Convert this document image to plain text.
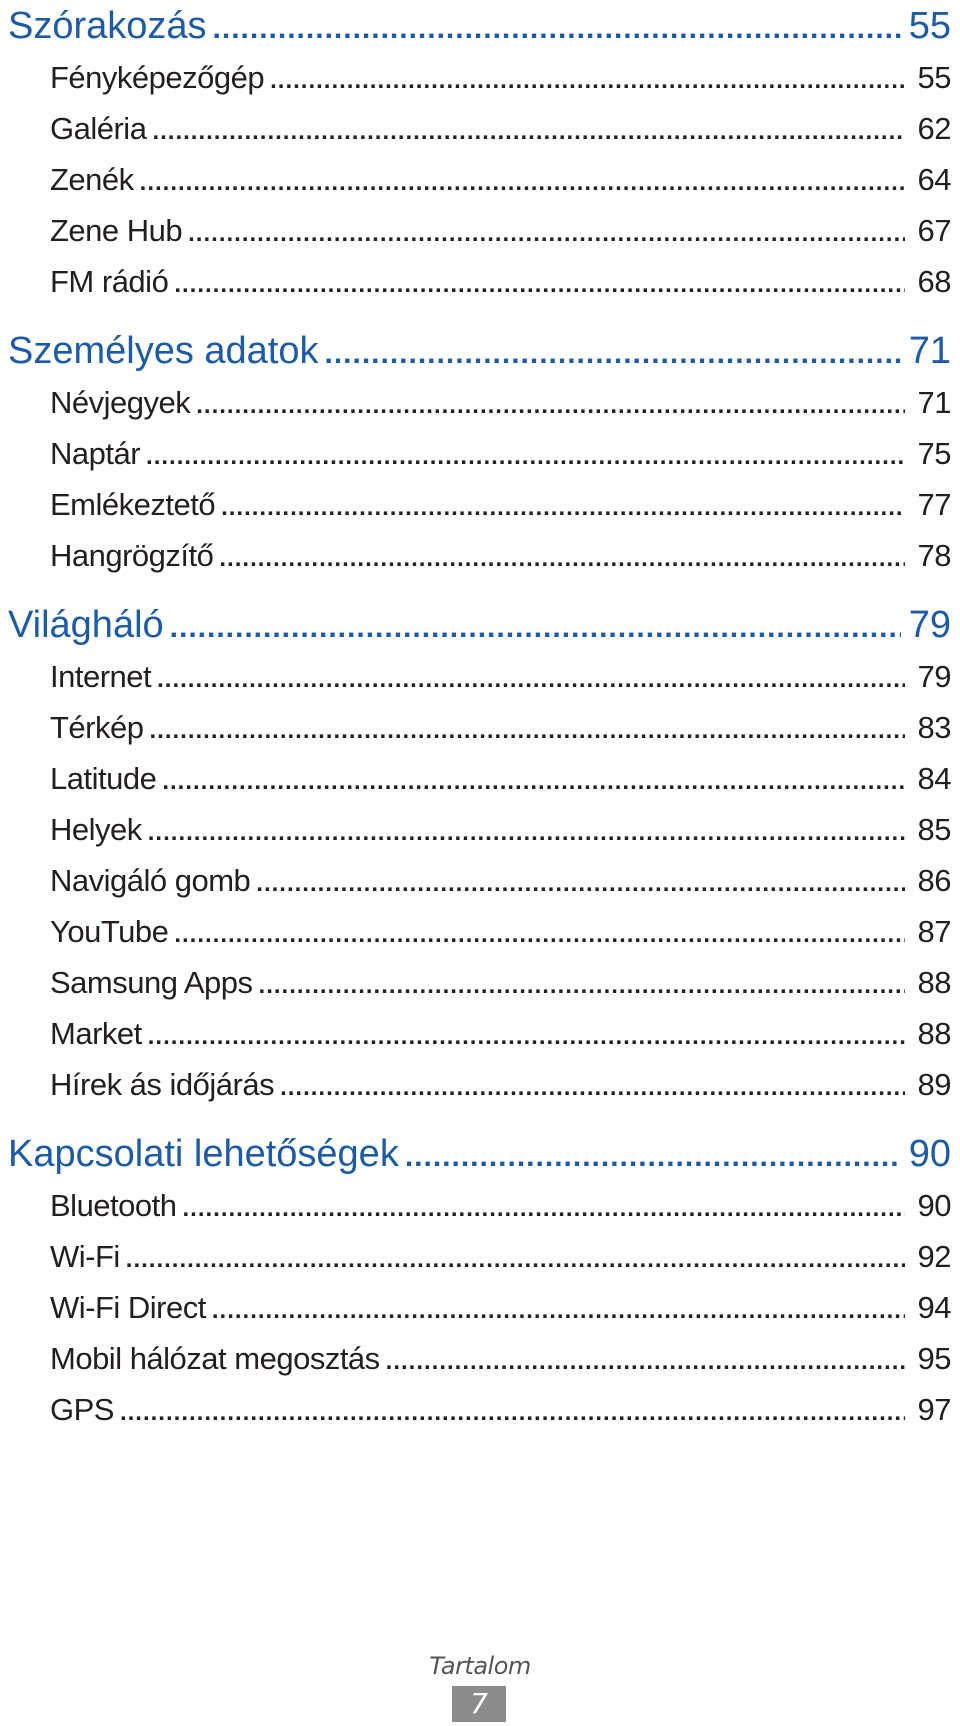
Szórakozás .....	55
Fényképezőgép .....	55
Galéria .....	62
Zenék .....	64
Zene Hub .....	67
FM rádió .....	68
Személyes adatok .....	71
Névjegyek .....	71
Naptár .....	75
Emlékeztető .....	77
Hangrögzítő .....	78
Világháló .....	79
Internet .....	79
Térkép .....	83
Latitude .....	84
Helyek .....	85
Navigáló gomb .....	86
YouTube .....	87
Samsung Apps .....	88
Market .....	88
Hírek ás időjárás .....	89
Kapcsolati lehetőségek .....	90
Bluetooth .....	90
Wi-Fi .....	92
Wi-Fi Direct .....	94
Mobil hálózat megosztás .....	95
GPS .....	97
Tartalom
7
